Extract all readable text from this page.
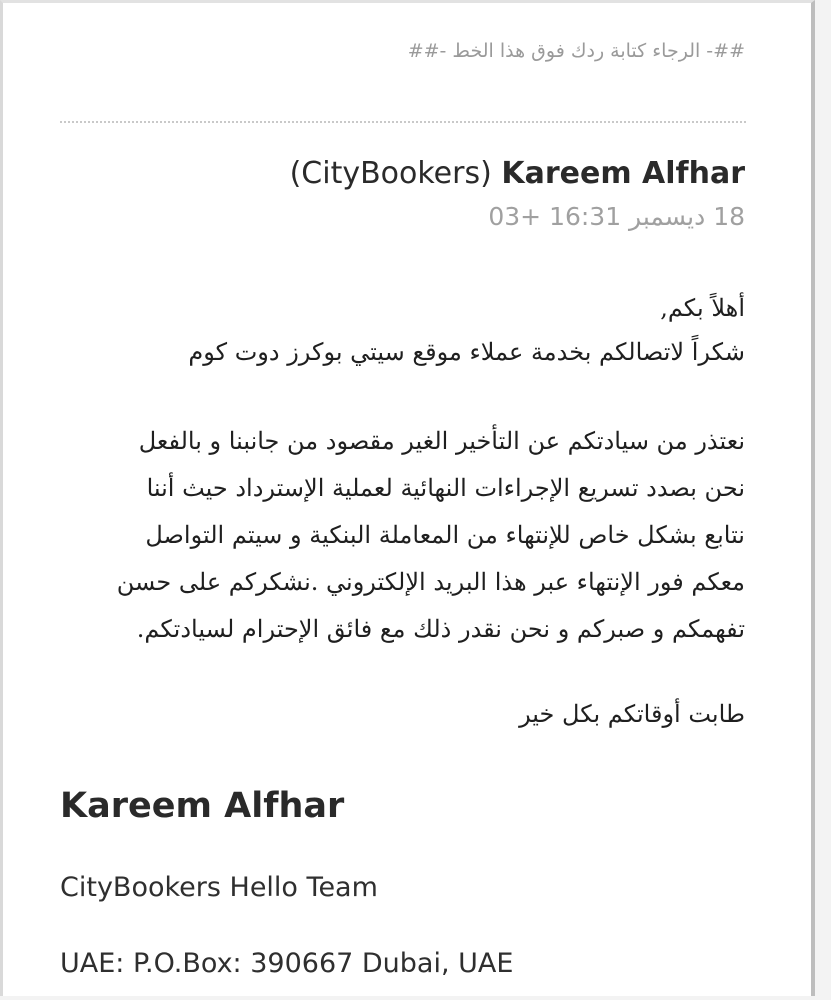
##- الرجاء كتابة ردك فوق هذا الخط -##
(CityBookers) Kareem Alfhar
18 ديسمبر 16:31 +03
أهلاً بكم,
شكراً لاتصالكم بخدمة عملاء موقع سيتي بوكرز دوت كوم
نعتذر من سيادتكم عن التأخير الغير مقصود من جانبنا و بالفعل
نحن بصدد تسريع الإجراءات النهائية لعملية الإسترداد حيث أننا
نتابع بشكل خاص للإنتهاء من المعاملة البنكية و سيتم التواصل
معكم فور الإنتهاء عبر هذا البريد الإلكتروني .نشكركم على حسن
تفهمكم و صبركم و نحن نقدر ذلك مع فائق الإحترام لسيادتكم.
طابت أوقاتكم بكل خير
Kareem Alfhar
CityBookers Hello Team
UAE: P.O.Box: 390667 Dubai, UAE
